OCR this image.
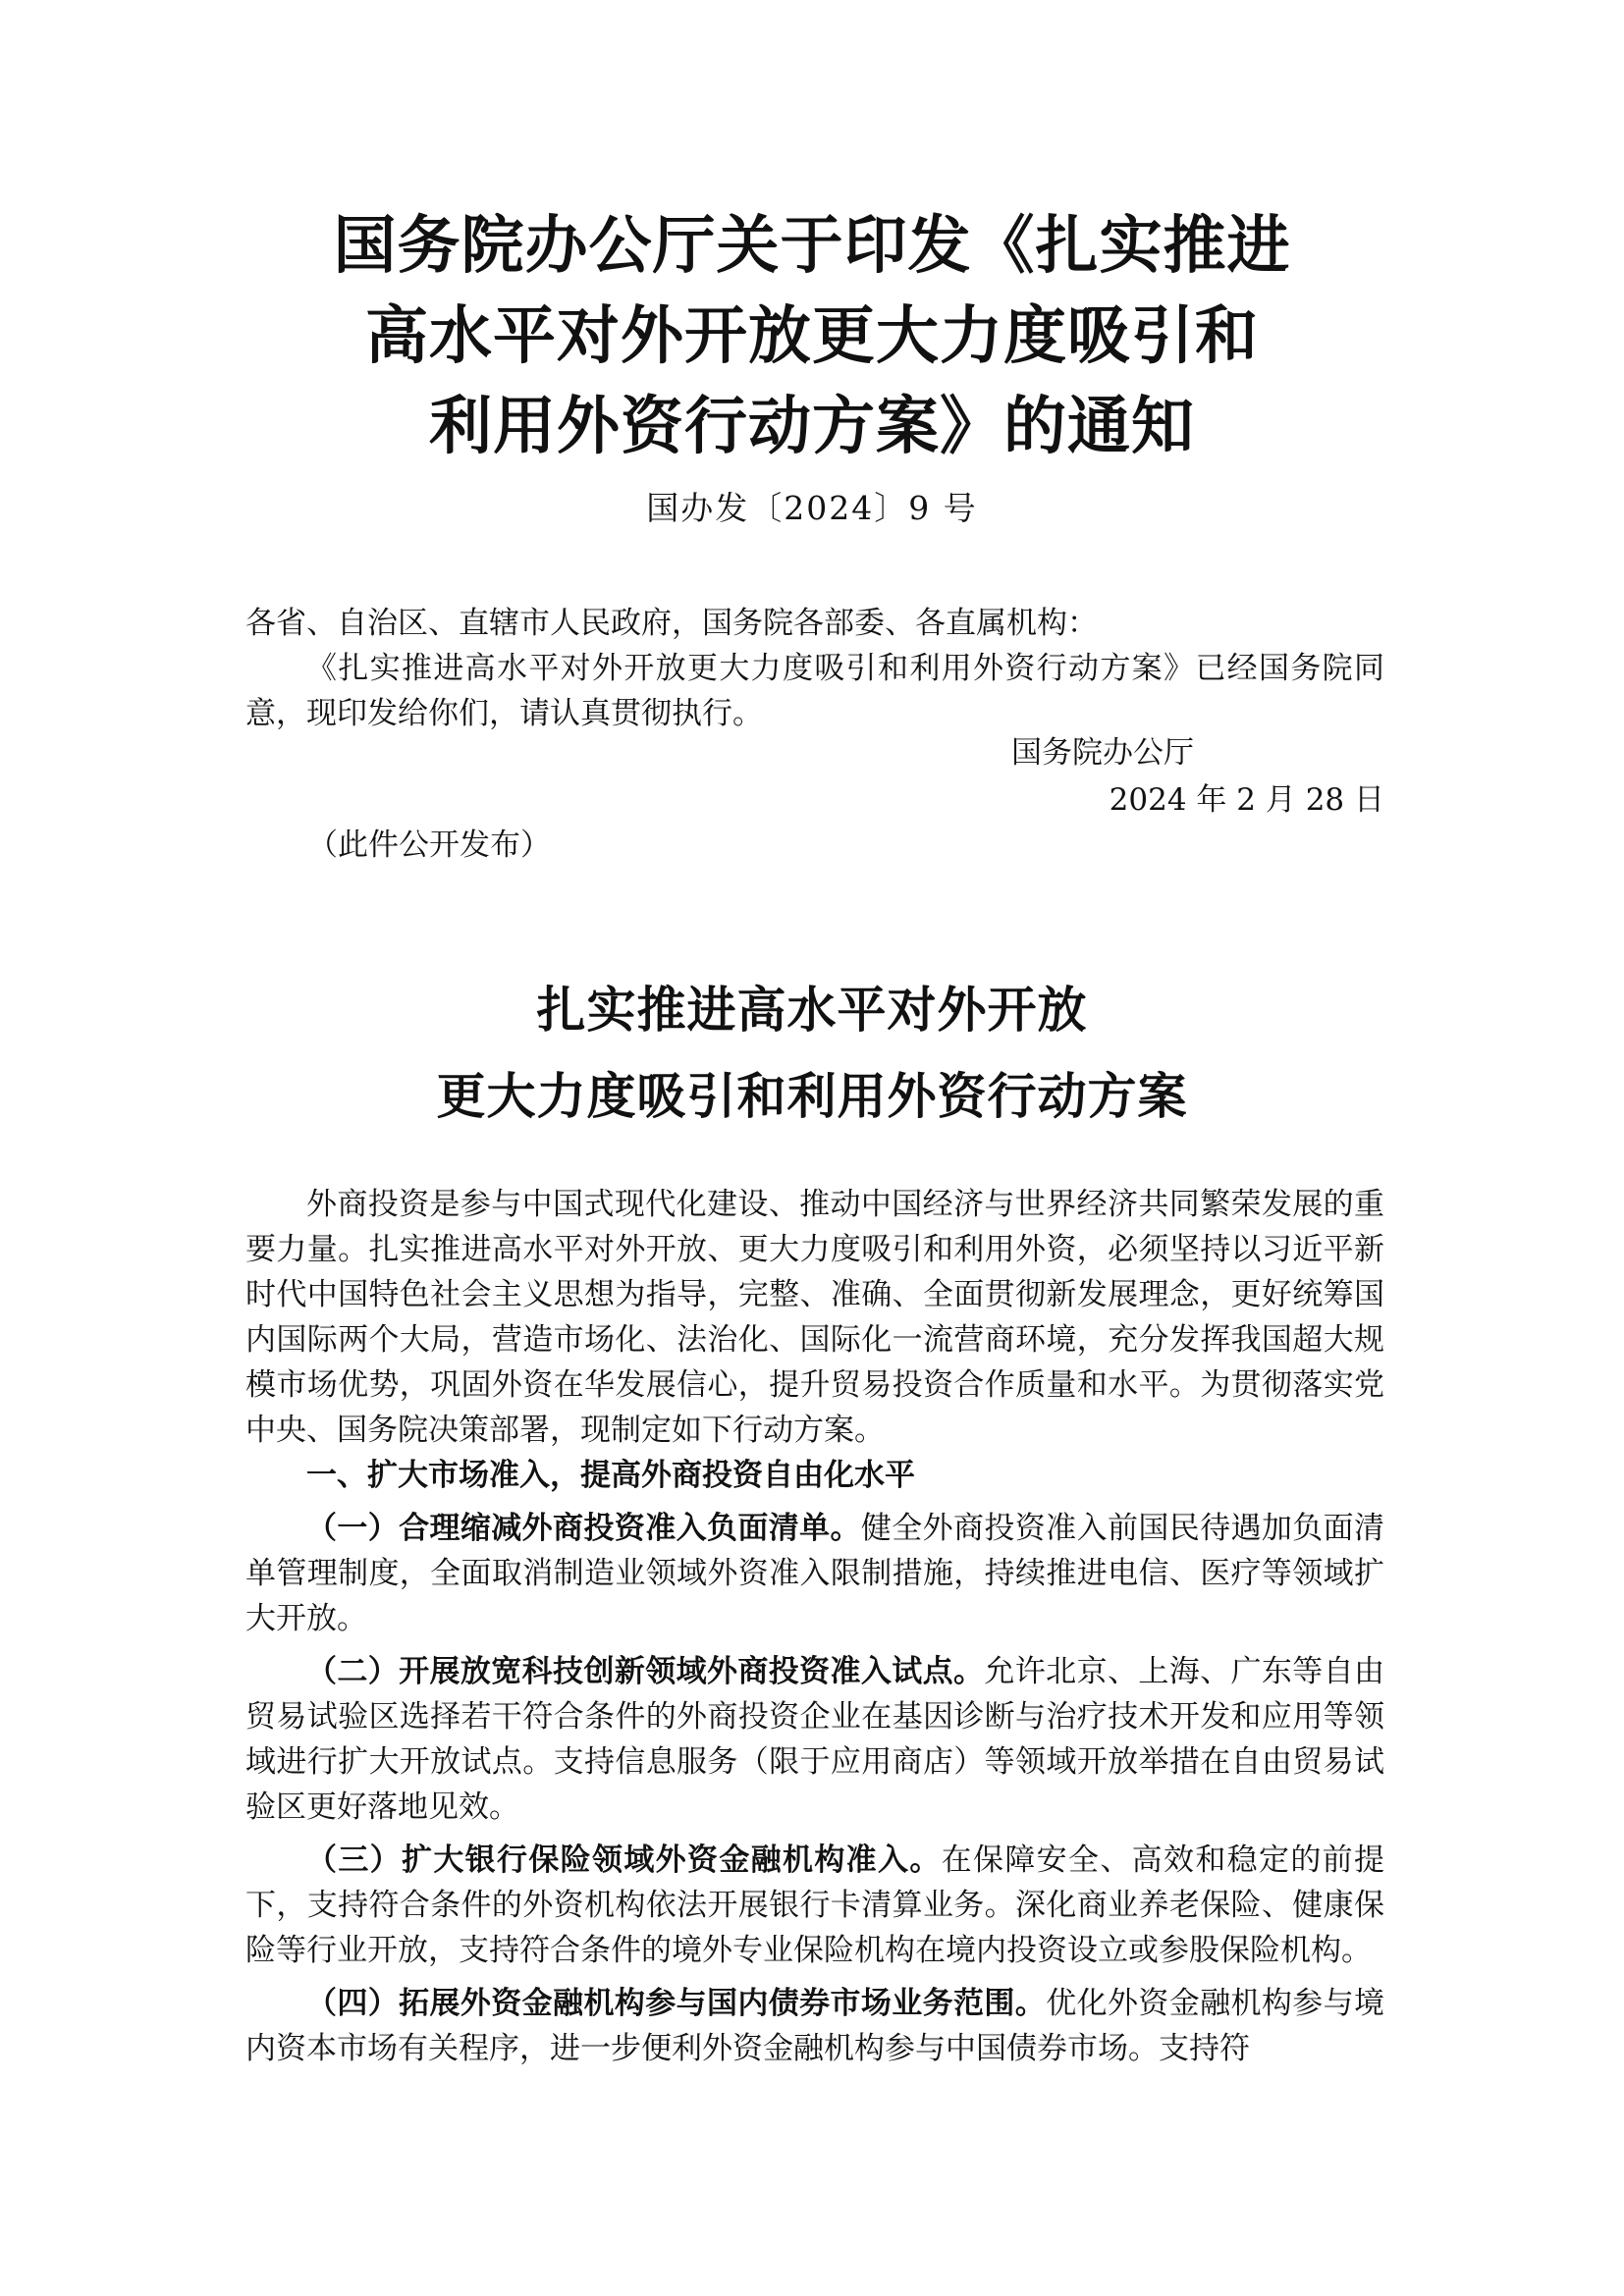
国务院办公厅关于印发《扎实推进
高水平对外开放更大力度吸引和
利用外资行动方案》的通知
国办发〔2024〕9 号
各省、自治区、直辖市人民政府，国务院各部委、各直属机构：
《扎实推进高水平对外开放更大力度吸引和利用外资行动方案》已经国务院同意，现印发给你们，请认真贯彻执行。
国务院办公厅
2024 年 2 月 28 日
（此件公开发布）
扎实推进高水平对外开放
更大力度吸引和利用外资行动方案

外商投资是参与中国式现代化建设、推动中国经济与世界经济共同繁荣发展的重要力量。扎实推进高水平对外开放、更大力度吸引和利用外资，必须坚持以习近平新时代中国特色社会主义思想为指导，完整、准确、全面贯彻新发展理念，更好统筹国内国际两个大局，营造市场化、法治化、国际化一流营商环境，充分发挥我国超大规模市场优势，巩固外资在华发展信心，提升贸易投资合作质量和水平。为贯彻落实党中央、国务院决策部署，现制定如下行动方案。

一、扩大市场准入，提高外商投资自由化水平

（一）合理缩减外商投资准入负面清单。健全外商投资准入前国民待遇加负面清单管理制度，全面取消制造业领域外资准入限制措施，持续推进电信、医疗等领域扩大开放。

（二）开展放宽科技创新领域外商投资准入试点。允许北京、上海、广东等自由贸易试验区选择若干符合条件的外商投资企业在基因诊断与治疗技术开发和应用等领域进行扩大开放试点。支持信息服务（限于应用商店）等领域开放举措在自由贸易试验区更好落地见效。

（三）扩大银行保险领域外资金融机构准入。在保障安全、高效和稳定的前提下，支持符合条件的外资机构依法开展银行卡清算业务。深化商业养老保险、健康保险等行业开放，支持符合条件的境外专业保险机构在境内投资设立或参股保险机构。

（四）拓展外资金融机构参与国内债券市场业务范围。优化外资金融机构参与境内资本市场有关程序，进一步便利外资金融机构参与中国债券市场。支持符
